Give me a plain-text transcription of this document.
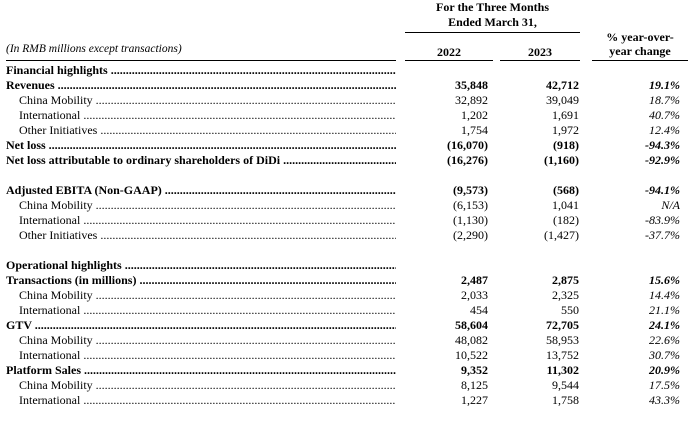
For the Three Months
Ended March 31,
% year-over-
year change
2022	2023
(In RMB millions except transactions)
Financial highlights .....
Revenues .....	35,848	42,712	19.1%
China Mobility .....	32,892	39,049	18.7%
International .....	1,202	1,691	40.7%
Other Initiatives .....	1,754	1,972	12.4%
Net loss .....	(16,070)	(918)	-94.3%
Net loss attributable to ordinary shareholders of DiDi .....	(16,276)	(1,160)	-92.9%
Adjusted EBITA (Non-GAAP) .....	(9,573)	(568)	-94.1%
China Mobility .....	(6,153)	1,041	N/A
International .....	(1,130)	(182)	-83.9%
Other Initiatives .....	(2,290)	(1,427)	-37.7%
Operational highlights .....
Transactions (in millions) .....	2,487	2,875	15.6%
China Mobility .....	2,033	2,325	14.4%
International .....	454	550	21.1%
GTV .....	58,604	72,705	24.1%
China Mobility .....	48,082	58,953	22.6%
International .....	10,522	13,752	30.7%
Platform Sales .....	9,352	11,302	20.9%
China Mobility .....	8,125	9,544	17.5%
International .....	1,227	1,758	43.3%
